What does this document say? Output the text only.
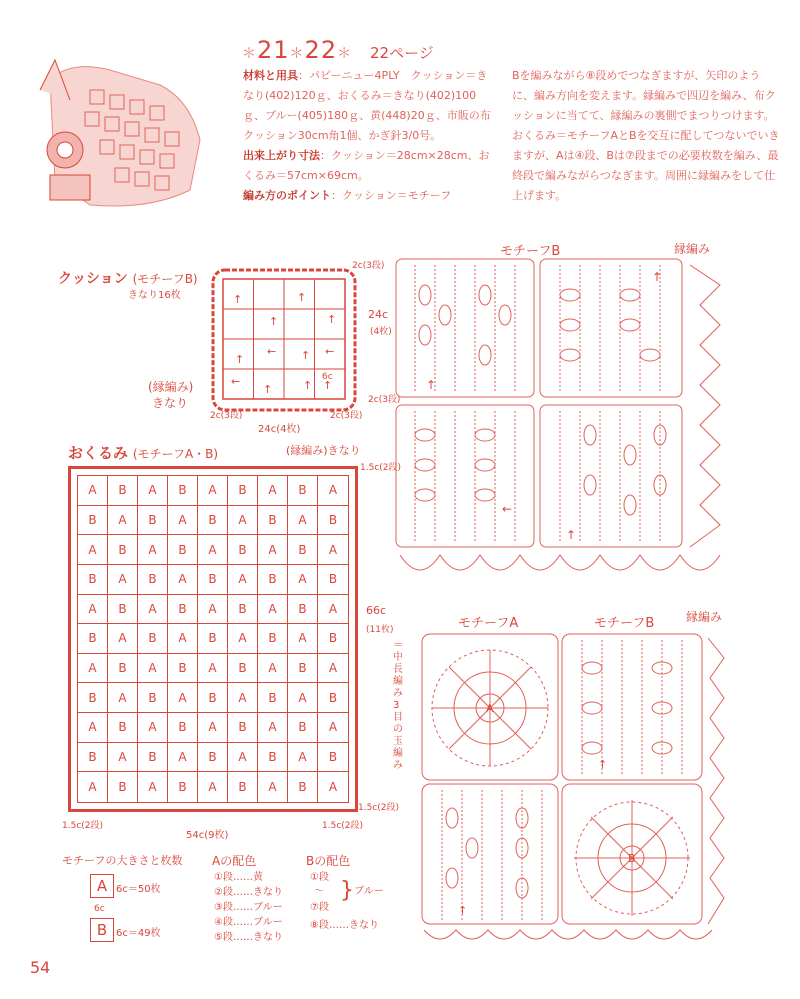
＊21＊22＊ 22ページ
材料と用具：パピーニュー4PLY　クッション＝きなり(402)120ｇ、おくるみ＝きなり(402)100ｇ、ブルー(405)180ｇ、黄(448)20ｇ、市販の布クッション30cm角1個、かぎ針3/0号。
出来上がり寸法：クッション＝28cm×28cm、おくるみ＝57cm×69cm。
編み方のポイント：クッション＝モチーフ
Bを編みながら⑧段めでつなぎますが、矢印のように、編み方向を変えます。縁編みで四辺を編み、布クッションに当てて、縁編みの裏側でまつりつけます。おくるみ＝モチーフAとBを交互に配してつないでいきますが、Aは④段、Bは⑦段までの必要枚数を編み、最終段で編みながらつなぎます。周囲に縁編みをして仕上げます。
クッション (モチーフB)
きなり16枚
(縁編み)
きなり
↑
↑
↑
↑
↑
← ↑ ←
←
↑	↑ ↑
2c(3段)
24c
(4枚)
2c(3段)
6c
2c(3段)	2c(3段)
24c(4枚)
おくるみ (モチーフA・B)	(縁編み)きなり
A	B	A	B	A	B	A	B	A
B	A	B	A	B	A	B	A	B
A	B	A	B	A	B	A	B	A
B	A	B	A	B	A	B	A	B
A	B	A	B	A	B	A	B	A
B	A	B	A	B	A	B	A	B
A	B	A	B	A	B	A	B	A
B	A	B	A	B	A	B	A	B
A	B	A	B	A	B	A	B	A
B	A	B	A	B	A	B	A	B
A	B	A	B	A	B	A	B	A
1.5c(2段)
66c
(11枚)
1.5c(2段)
1.5c(2段)
54c(9枚)
1.5c(2段)
モチーフの大きさと枚数
A 6c＝50枚
6c
B 6c＝49枚
Aの配色
①段……黄
②段……きなり
③段……ブルー
④段……ブルー
⑤段……きなり
Bの配色
①段
〜
⑦段
} ブルー
⑧段……きなり
モチーフB	縁編み
↑
↑
←
↑
モチーフA	モチーフB	縁編み
＝中長編み3目の玉編み
A
B
↑
↑
54
